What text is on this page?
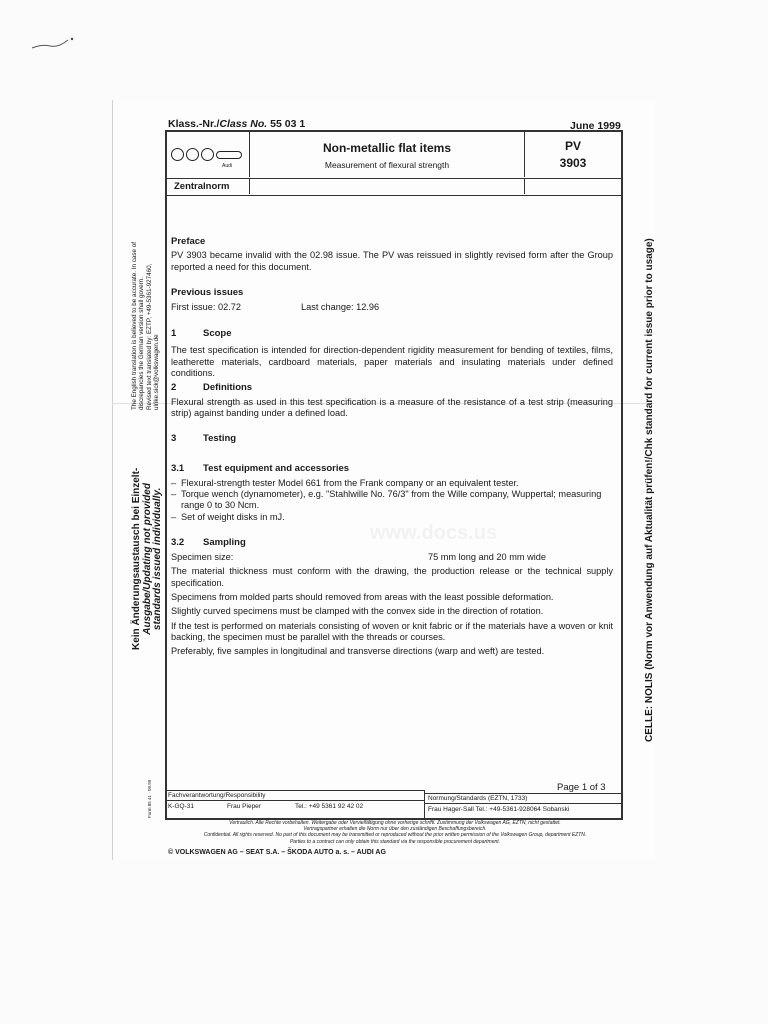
www.docs.us
Klass.-Nr./Class No. 55 03 1	June 1999
Audi
Non-metallic flat items
Measurement of flexural strength
PV
3903
Zentralnorm
Preface

PV 3903 became invalid with the 02.98 issue. The PV was reissued in slightly revised form after the Group reported a need for this document.

Previous issues
First issue: 02.72	Last change: 12.96
1	Scope

The test specification is intended for direction-dependent rigidity measurement for bending of textiles, films, leatherette materials, cardboard materials, paper materials and insulating materials under defined conditions.

2	Definitions

Flexural strength as used in this test specification is a measure of the resistance of a test strip (measuring strip) against banding under a defined load.

3	Testing
3.1 Test equipment and accessories
– Flexural-strength tester Model 661 from the Frank company or an equivalent tester.
– Torque wench (dynamometer), e.g. "Stahlwille No. 76/3" from the Wille company, Wuppertal; measuring range 0 to 30 Ncm.
– Set of weight disks in mJ.
3.2 Sampling
Specimen size:	75 mm long and 20 mm wide

The material thickness must conform with the drawing, the production release or the technical supply specification.

Specimens from molded parts should removed from areas with the least possible deformation.

Slightly curved specimens must be clamped with the convex side in the direction of rotation.

If the test is performed on materials consisting of woven or knit fabric or if the materials have a woven or knit backing, the specimen must be parallel with the threads or courses.

Preferably, five samples in longitudinal and transverse directions (warp and weft) are tested.

Page 1 of 3
Fachverantwortung/Responsibility
K-GQ-31	Frau Pieper	Tel.: +49 5361 92 42 02
Normung/Standards (EZTN, 1733)
Frau Hager-Sall Tel.: +49-5361-928064 Sobanski
Vertraulich. Alle Rechte vorbehalten. Weitergabe oder Vervielfältigung ohne vorherige schriftl. Zustimmung der Volkswagen AG, EZTN, nicht gestattet.
Vertragspartner erhalten die Norm nur über den zuständigen Beschaffungsbereich.
Confidential. All rights reserved. No part of this document may be transmitted or reproduced without the prior written permission of the Volkswagen Group, department EZTN.
Parties to a contract can only obtain this standard via the responsible procurement department.
© VOLKSWAGEN AG – SEAT S.A. – ŠKODA AUTO a. s. – AUDI AG
The English translation is believed to be accurate. In case of discrepancies the German version shall govern. Revised text translated by: EZTP, +49-5361-927460, ulrike.sick@volkswagen.de
Kein Änderungsaustausch bei Einzelt- Ausgabe/Updating not provided standards issued individually.	CELLE: NOLIS (Norm vor Anwendung auf Aktualität prüfen!/Chk standard for current issue prior to usage)
Form 85 41 · 09.99
